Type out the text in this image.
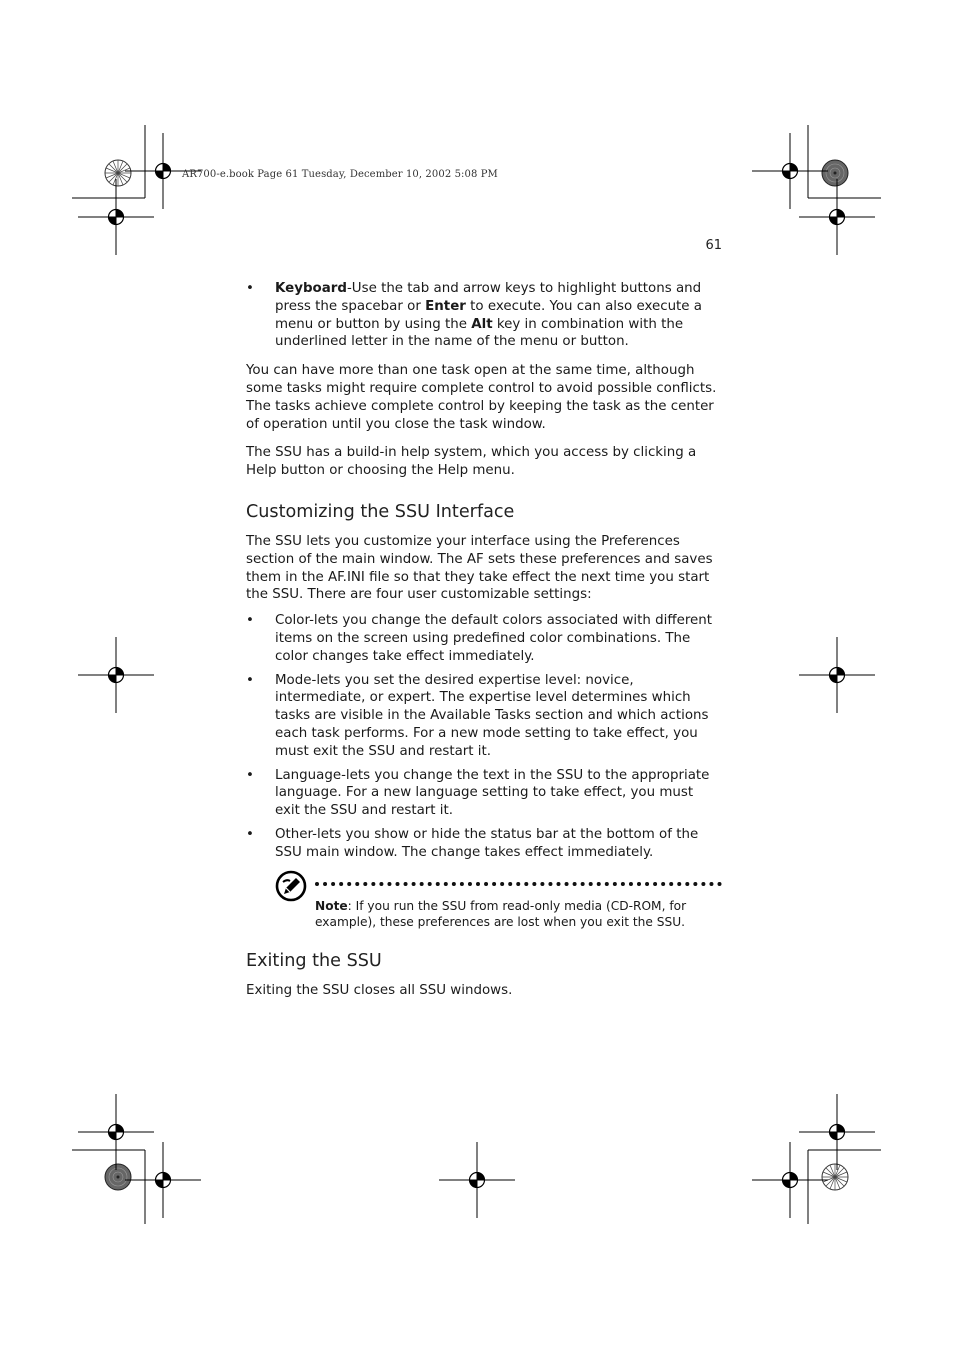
AR700-e.book Page 61 Tuesday, December 10, 2002 5:08 PM
61

• Keyboard-Use the tab and arrow keys to highlight buttons and press the spacebar or Enter to execute. You can also execute a menu or button by using the Alt key in combination with the underlined letter in the name of the menu or button.

You can have more than one task open at the same time, although some tasks might require complete control to avoid possible conflicts. The tasks achieve complete control by keeping the task as the center of operation until you close the task window.

The SSU has a build-in help system, which you access by clicking a Help button or choosing the Help menu.

Customizing the SSU Interface

The SSU lets you customize your interface using the Preferences section of the main window. The AF sets these preferences and saves them in the AF.INI file so that they take effect the next time you start the SSU. There are four user customizable settings:

• Color-lets you change the default colors associated with different items on the screen using predefined color combinations. The color changes take effect immediately.

• Mode-lets you set the desired expertise level: novice, intermediate, or expert. The expertise level determines which tasks are visible in the Available Tasks section and which actions each task performs. For a new mode setting to take effect, you must exit the SSU and restart it.

• Language-lets you change the text in the SSU to the appropriate language. For a new language setting to take effect, you must exit the SSU and restart it.

• Other-lets you show or hide the status bar at the bottom of the SSU main window. The change takes effect immediately.

Note: If you run the SSU from read-only media (CD-ROM, for example), these preferences are lost when you exit the SSU.
Exiting the SSU

Exiting the SSU closes all SSU windows.
